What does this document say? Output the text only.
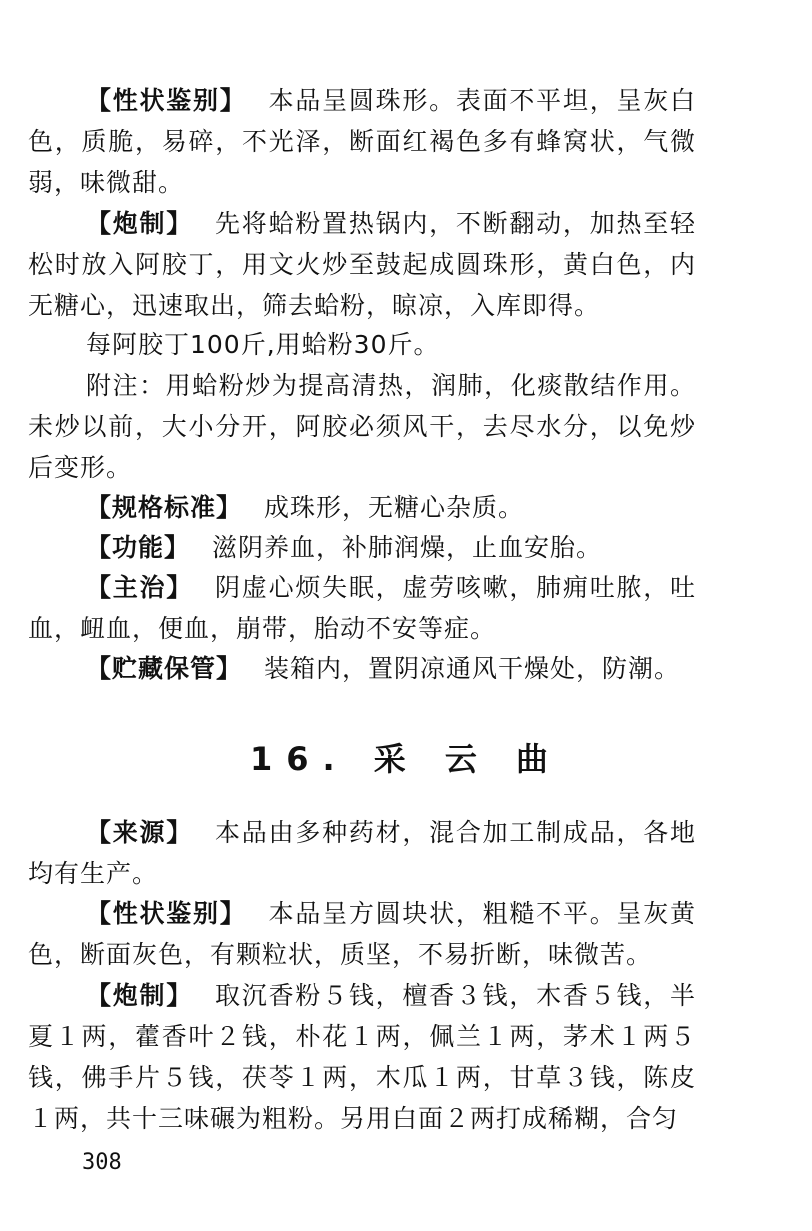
【性状鉴别】 本品呈圆珠形。表面不平坦，呈灰白色，质脆，易碎，不光泽，断面红褐色多有蜂窝状，气微弱，味微甜。

【炮制】 先将蛤粉置热锅内，不断翻动，加热至轻松时放入阿胶丁，用文火炒至鼓起成圆珠形，黄白色，内无糖心，迅速取出，筛去蛤粉，晾凉，入库即得。

每阿胶丁100斤,用蛤粉30斤。

附注：用蛤粉炒为提高清热，润肺，化痰散结作用。未炒以前，大小分开，阿胶必须风干，去尽水分，以免炒后变形。

【规格标准】 成珠形，无糖心杂质。

【功能】 滋阴养血，补肺润燥，止血安胎。

【主治】 阴虚心烦失眠，虚劳咳嗽，肺痈吐脓，吐血，衄血，便血，崩带，胎动不安等症。

【贮藏保管】 装箱内，置阴凉通风干燥处，防潮。

16. 采 云 曲

【来源】 本品由多种药材，混合加工制成品，各地均有生产。

【性状鉴别】 本品呈方圆块状，粗糙不平。呈灰黄色，断面灰色，有颗粒状，质坚，不易折断，味微苦。

【炮制】 取沉香粉５钱，檀香３钱，木香５钱，半夏１两，藿香叶２钱，朴花１两，佩兰１两，茅术１两５钱，佛手片５钱，茯苓１两，木瓜１两，甘草３钱，陈皮１两，共十三味碾为粗粉。另用白面２两打成稀糊，合匀

308
